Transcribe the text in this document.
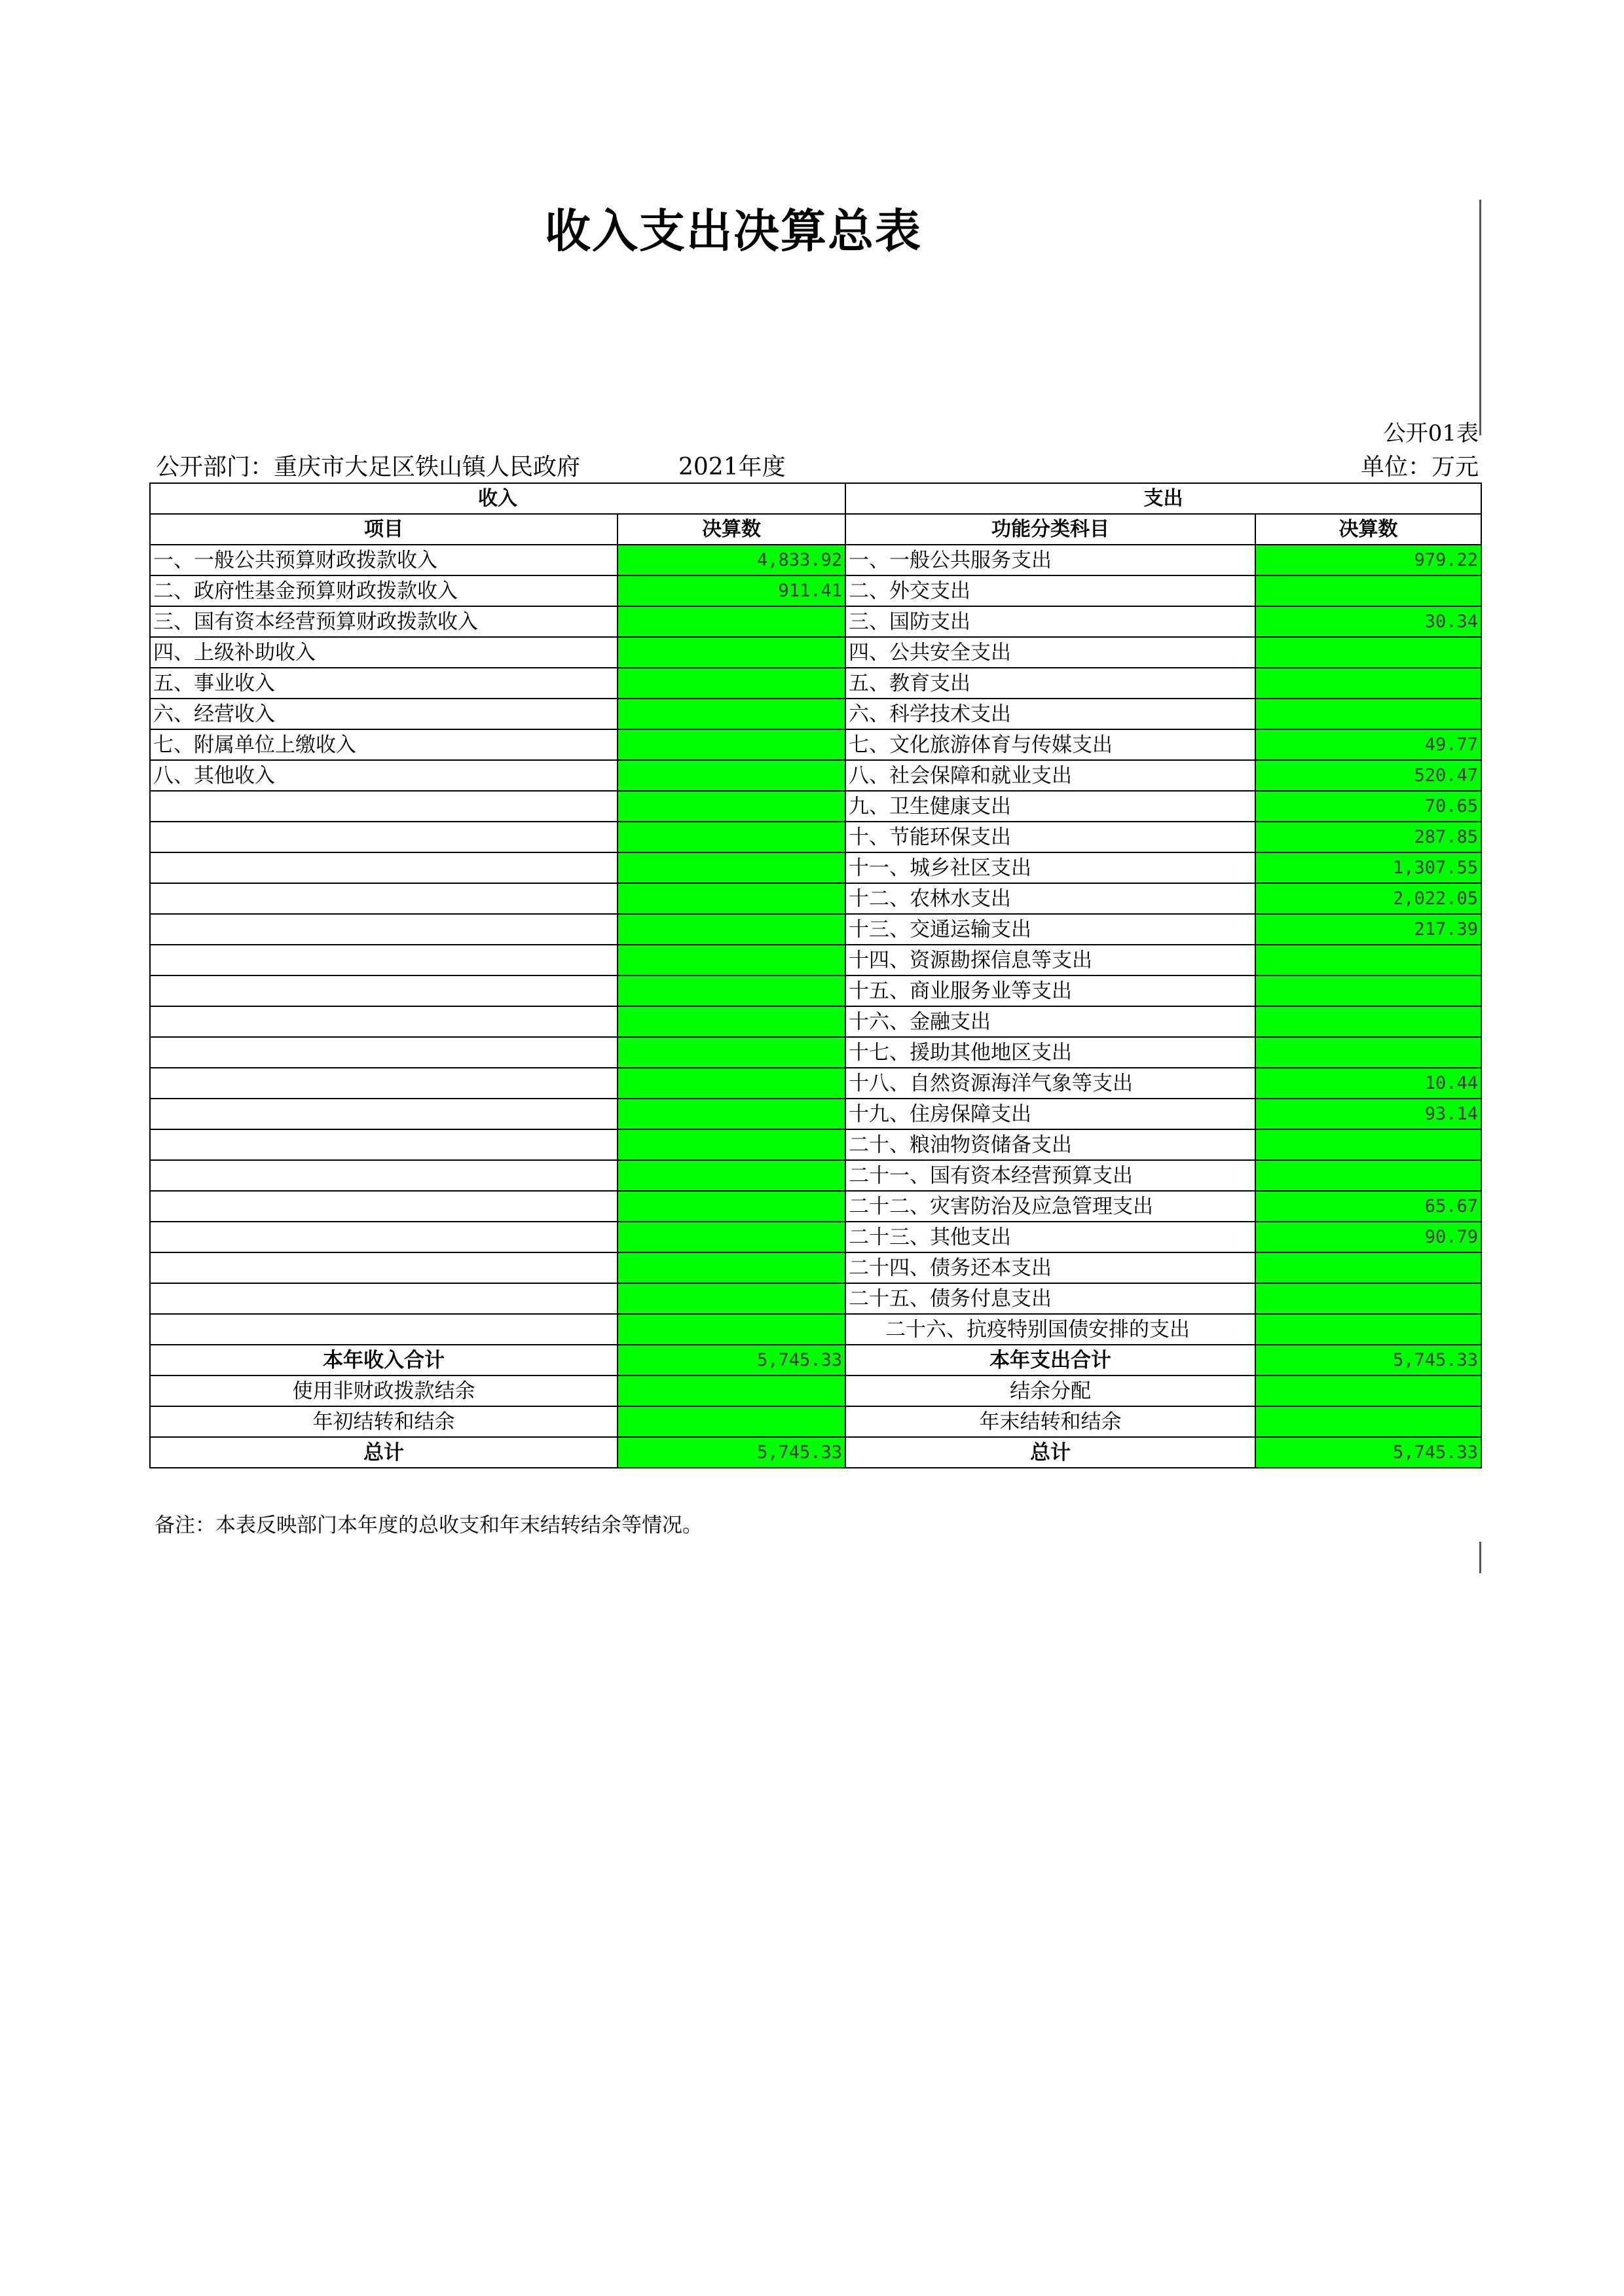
收入支出决算总表
公开01表
公开部门：重庆市大足区铁山镇人民政府	2021年度	单位：万元
收入		支出	
项目	决算数	功能分类科目	决算数
一、一般公共预算财政拨款收入	4,833.92	一、一般公共服务支出	979.22
二、政府性基金预算财政拨款收入	911.41	二、外交支出	
三、国有资本经营预算财政拨款收入		三、国防支出	30.34
四、上级补助收入		四、公共安全支出	
五、事业收入		五、教育支出	
六、经营收入		六、科学技术支出	
七、附属单位上缴收入		七、文化旅游体育与传媒支出	49.77
八、其他收入		八、社会保障和就业支出	520.47
		九、卫生健康支出	70.65
		十、节能环保支出	287.85
		十一、城乡社区支出	1,307.55
		十二、农林水支出	2,022.05
		十三、交通运输支出	217.39
		十四、资源勘探信息等支出	
		十五、商业服务业等支出	
		十六、金融支出	
		十七、援助其他地区支出	
		十八、自然资源海洋气象等支出	10.44
		十九、住房保障支出	93.14
		二十、粮油物资储备支出	
		二十一、国有资本经营预算支出	
		二十二、灾害防治及应急管理支出	65.67
		二十三、其他支出	90.79
		二十四、债务还本支出	
		二十五、债务付息支出	
		二十六、抗疫特别国债安排的支出	
本年收入合计	5,745.33	本年支出合计	5,745.33
使用非财政拨款结余		结余分配	
年初结转和结余		年末结转和结余	
总计	5,745.33	总计	5,745.33
备注：本表反映部门本年度的总收支和年末结转结余等情况。
